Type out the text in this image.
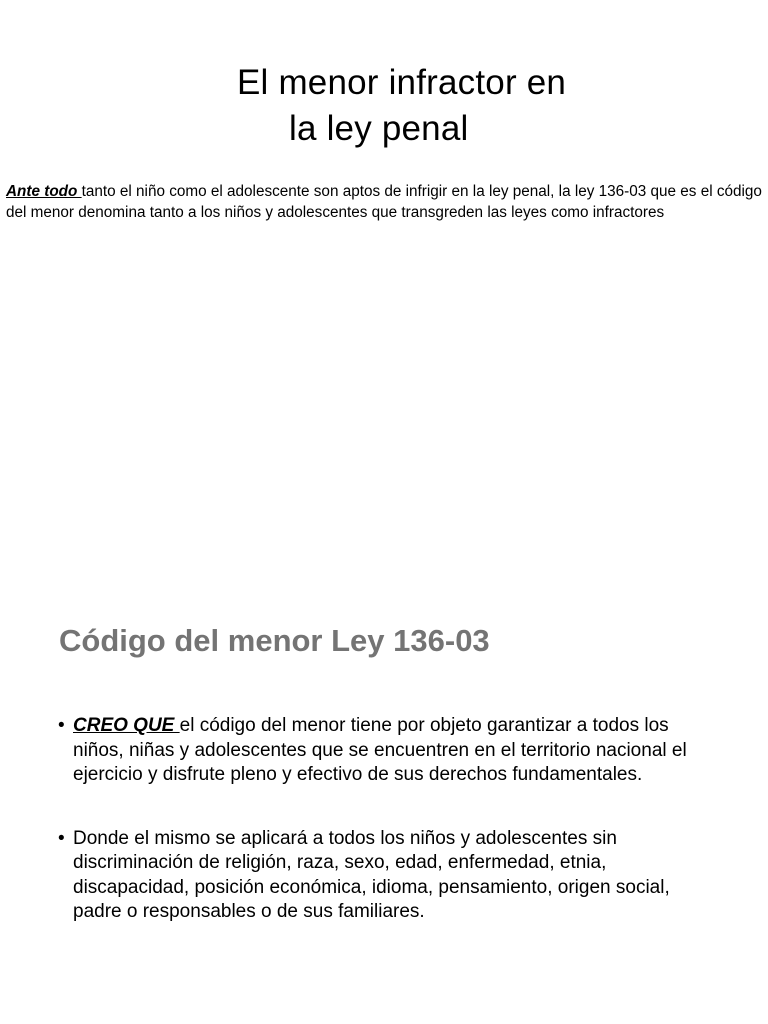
El menor infractor en
la ley penal

Ante todo tanto el niño como el adolescente son aptos de infrigir en la ley penal, la ley 136-03 que es el código del menor denomina tanto a los niños y adolescentes que transgreden las leyes como infractores

Código del menor Ley 136-03
• CREO QUE el código del menor tiene por objeto garantizar a todos los niños, niñas y adolescentes que se encuentren en el territorio nacional el ejercicio y disfrute pleno y efectivo de sus derechos fundamentales.
• Donde el mismo se aplicará a todos los niños y adolescentes sin discriminación de religión, raza, sexo, edad, enfermedad, etnia, discapacidad, posición económica, idioma, pensamiento, origen social, padre o responsables o de sus familiares.
